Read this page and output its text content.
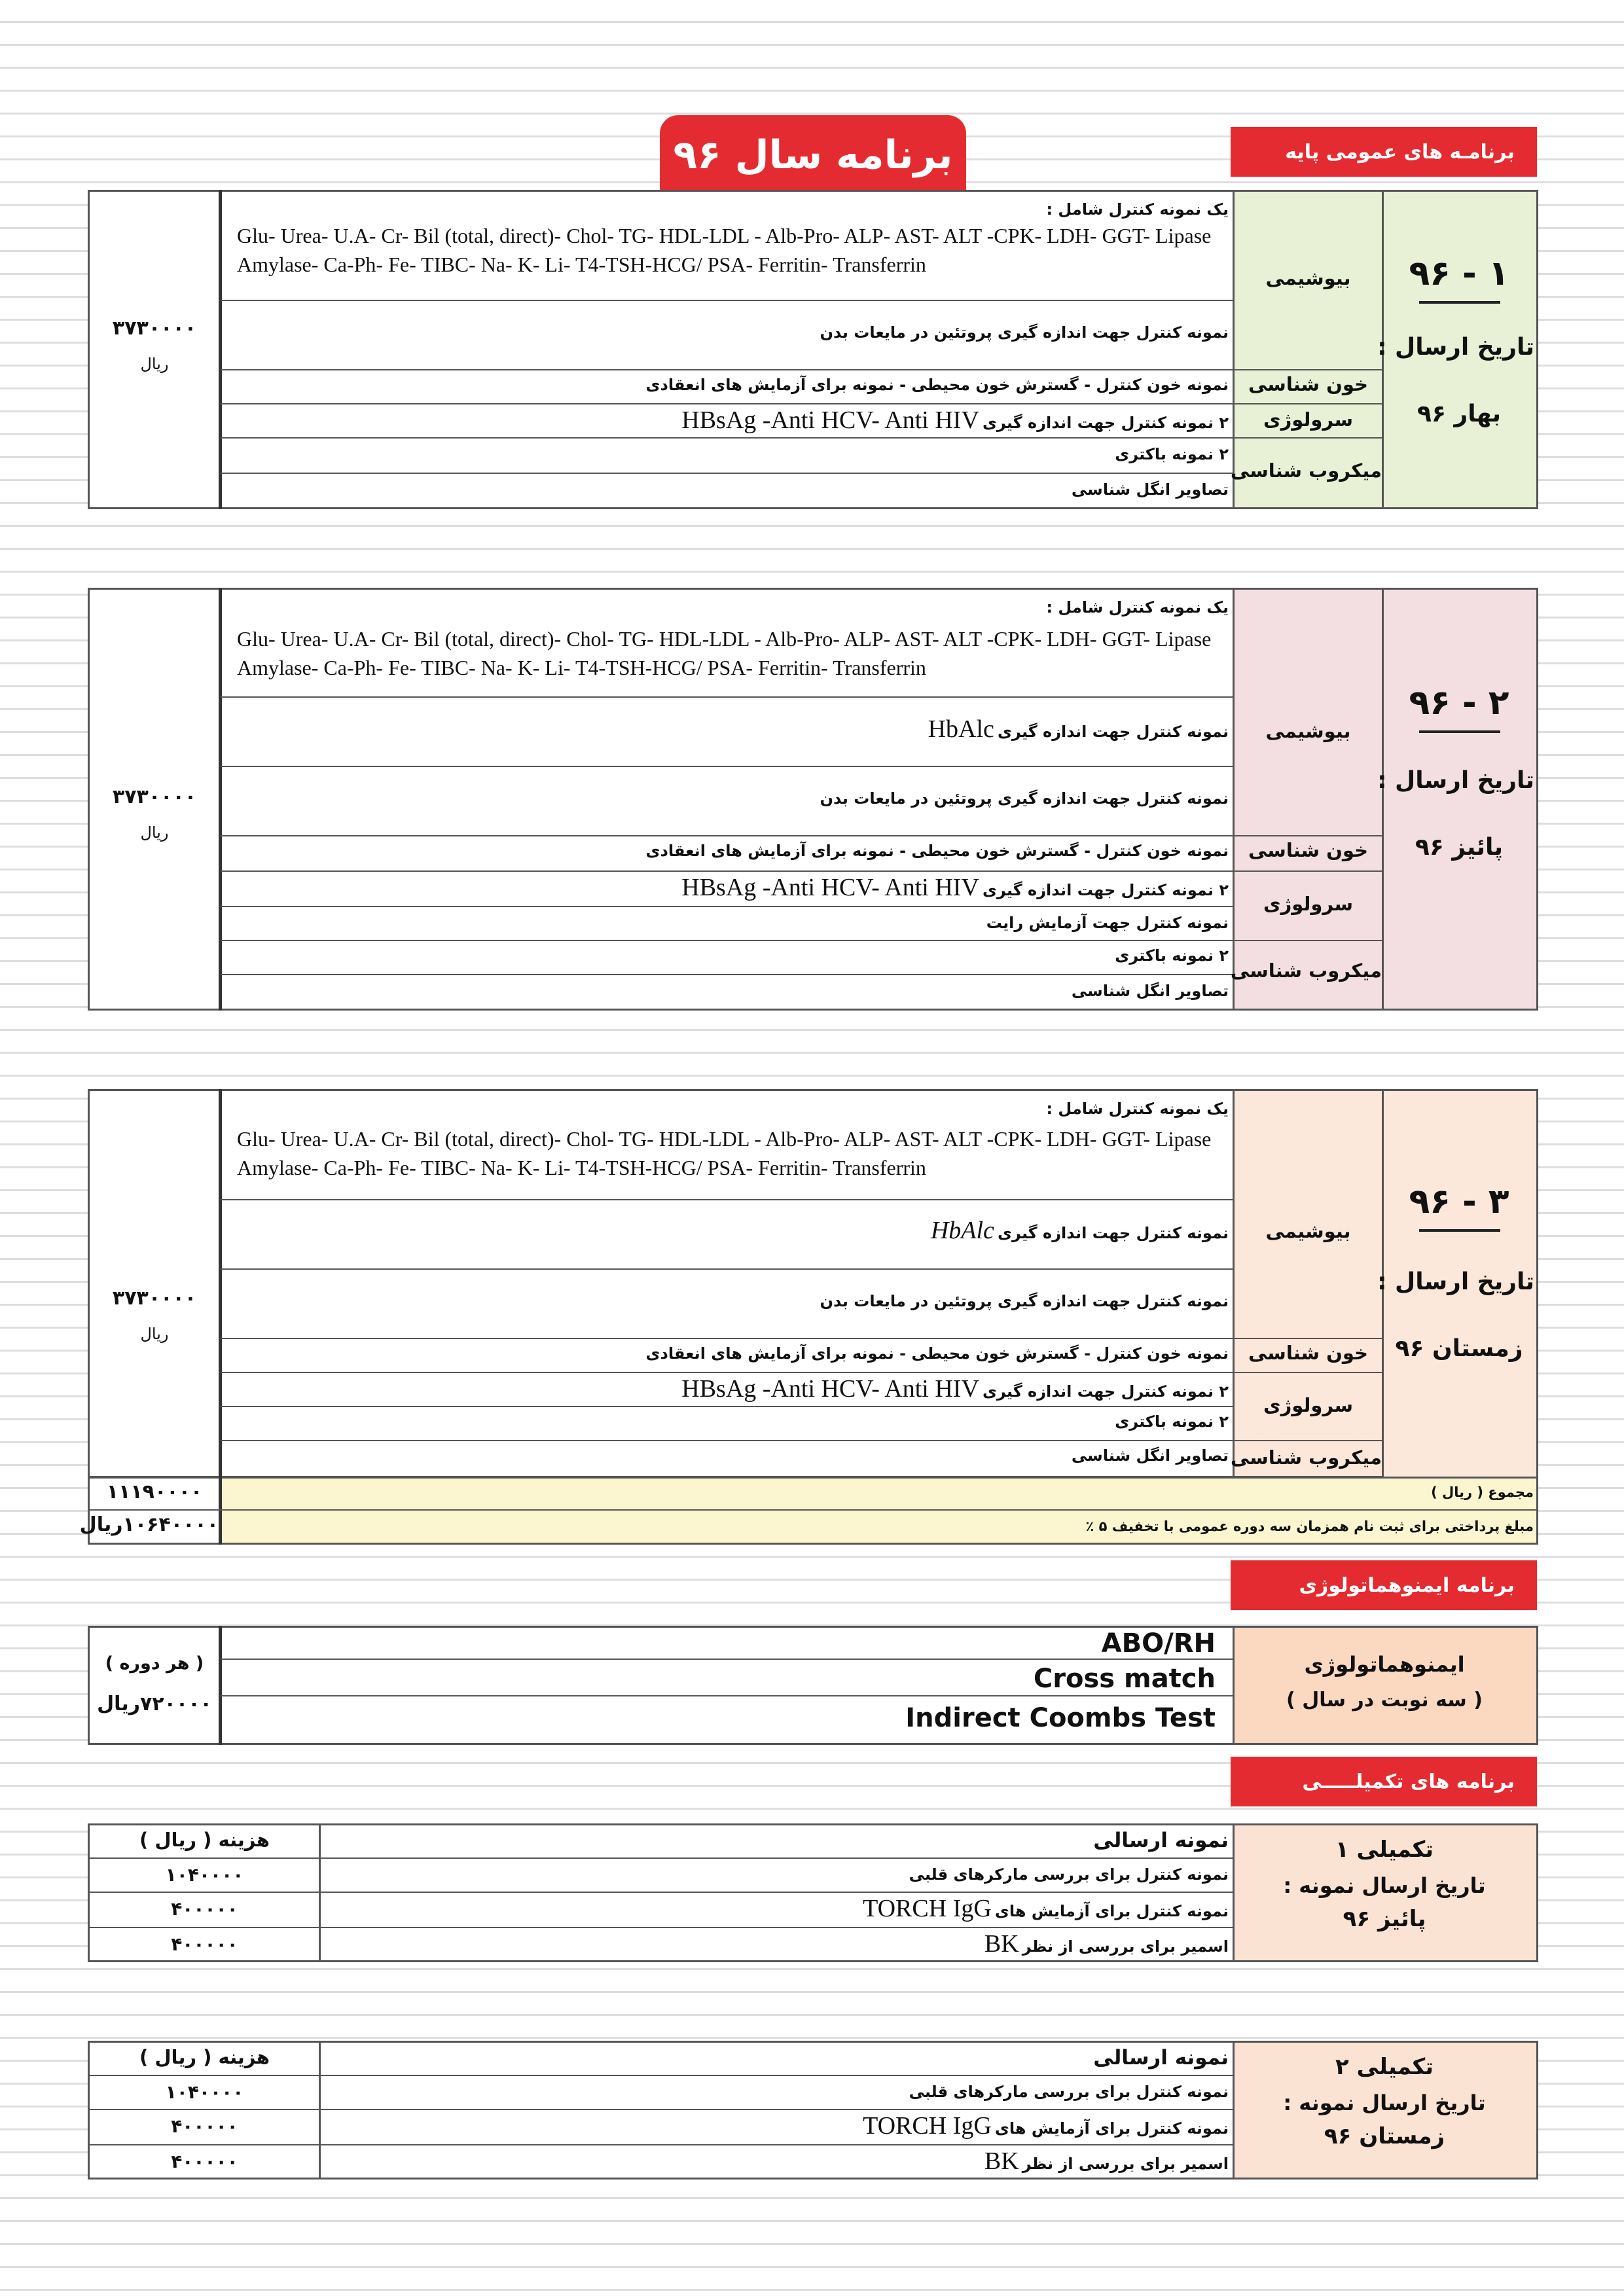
برنامه سال ۹۶	برنامـه های عمومی پایه
یک نمونه کنترل شامل :
Glu- Urea- U.A- Cr- Bil (total, direct)- Chol- TG- HDL-LDL - Alb-Pro- ALP- AST- ALT -CPK- LDH- GGT- Lipase
Amylase- Ca-Ph- Fe- TIBC- Na- K- Li- T4-TSH-HCG/ PSA- Ferritin- Transferrin
نمونه کنترل جهت اندازه گیری پروتئین در مایعات بدن
نمونه خون کنترل - گسترش خون محیطی - نمونه برای آزمایش های انعقادی
۲ نمونه کنترل جهت اندازه گیری HBsAg -Anti HCV- Anti HIV
۲ نمونه باکتری
تصاویر انگل شناسی
بیوشیمی
خون شناسی
سرولوژی
میکروب شناسی
۱ - ۹۶
تاریخ ارسال :
بهار ۹۶
۳۷۳۰۰۰۰
ریال
یک نمونه کنترل شامل :
Glu- Urea- U.A- Cr- Bil (total, direct)- Chol- TG- HDL-LDL - Alb-Pro- ALP- AST- ALT -CPK- LDH- GGT- Lipase
Amylase- Ca-Ph- Fe- TIBC- Na- K- Li- T4-TSH-HCG/ PSA- Ferritin- Transferrin
نمونه کنترل جهت اندازه گیری HbAlc
نمونه کنترل جهت اندازه گیری پروتئین در مایعات بدن
نمونه خون کنترل - گسترش خون محیطی - نمونه برای آزمایش های انعقادی
۲ نمونه کنترل جهت اندازه گیری HBsAg -Anti HCV- Anti HIV
نمونه کنترل جهت آزمایش رایت
۲ نمونه باکتری
تصاویر انگل شناسی
بیوشیمی
خون شناسی
سرولوژی
میکروب شناسی
۲ - ۹۶
تاریخ ارسال :
پائیز ۹۶
۳۷۳۰۰۰۰
ریال
یک نمونه کنترل شامل :
Glu- Urea- U.A- Cr- Bil (total, direct)- Chol- TG- HDL-LDL - Alb-Pro- ALP- AST- ALT -CPK- LDH- GGT- Lipase
Amylase- Ca-Ph- Fe- TIBC- Na- K- Li- T4-TSH-HCG/ PSA- Ferritin- Transferrin
نمونه کنترل جهت اندازه گیری HbAlc
نمونه کنترل جهت اندازه گیری پروتئین در مایعات بدن
نمونه خون کنترل - گسترش خون محیطی - نمونه برای آزمایش های انعقادی
۲ نمونه کنترل جهت اندازه گیری HBsAg -Anti HCV- Anti HIV
۲ نمونه باکتری
تصاویر انگل شناسی
بیوشیمی
خون شناسی
سرولوژی
میکروب شناسی
۳ - ۹۶
تاریخ ارسال :
زمستان ۹۶
۳۷۳۰۰۰۰
ریال
مجموع ( ریال )
۱۱۱۹۰۰۰۰
مبلغ پرداختی برای ثبت نام همزمان سه دوره عمومی با تخفیف ۵ ٪
۱۰۶۴۰۰۰۰ریال
برنامه ایمنوهماتولوژی
ABO/RH
Cross match
Indirect Coombs Test
ایمنوهماتولوژی
( سه نوبت در سال )
( هر دوره )
۷۲۰۰۰۰ریال
برنامه های تکمیلـــــی
نمونه ارسالی
هزینه ( ریال )
نمونه کنترل برای بررسی مارکرهای قلبی
نمونه کنترل برای آزمایش های TORCH IgG
اسمیر برای بررسی از نظر BK
۱۰۴۰۰۰۰
۴۰۰۰۰۰
۴۰۰۰۰۰
تکمیلی ۱
تاریخ ارسال نمونه :
پائیز ۹۶
نمونه ارسالی
هزینه ( ریال )
نمونه کنترل برای بررسی مارکرهای قلبی
نمونه کنترل برای آزمایش های TORCH IgG
اسمیر برای بررسی از نظر BK
۱۰۴۰۰۰۰
۴۰۰۰۰۰
۴۰۰۰۰۰
تکمیلی ۲
تاریخ ارسال نمونه :
زمستان ۹۶
